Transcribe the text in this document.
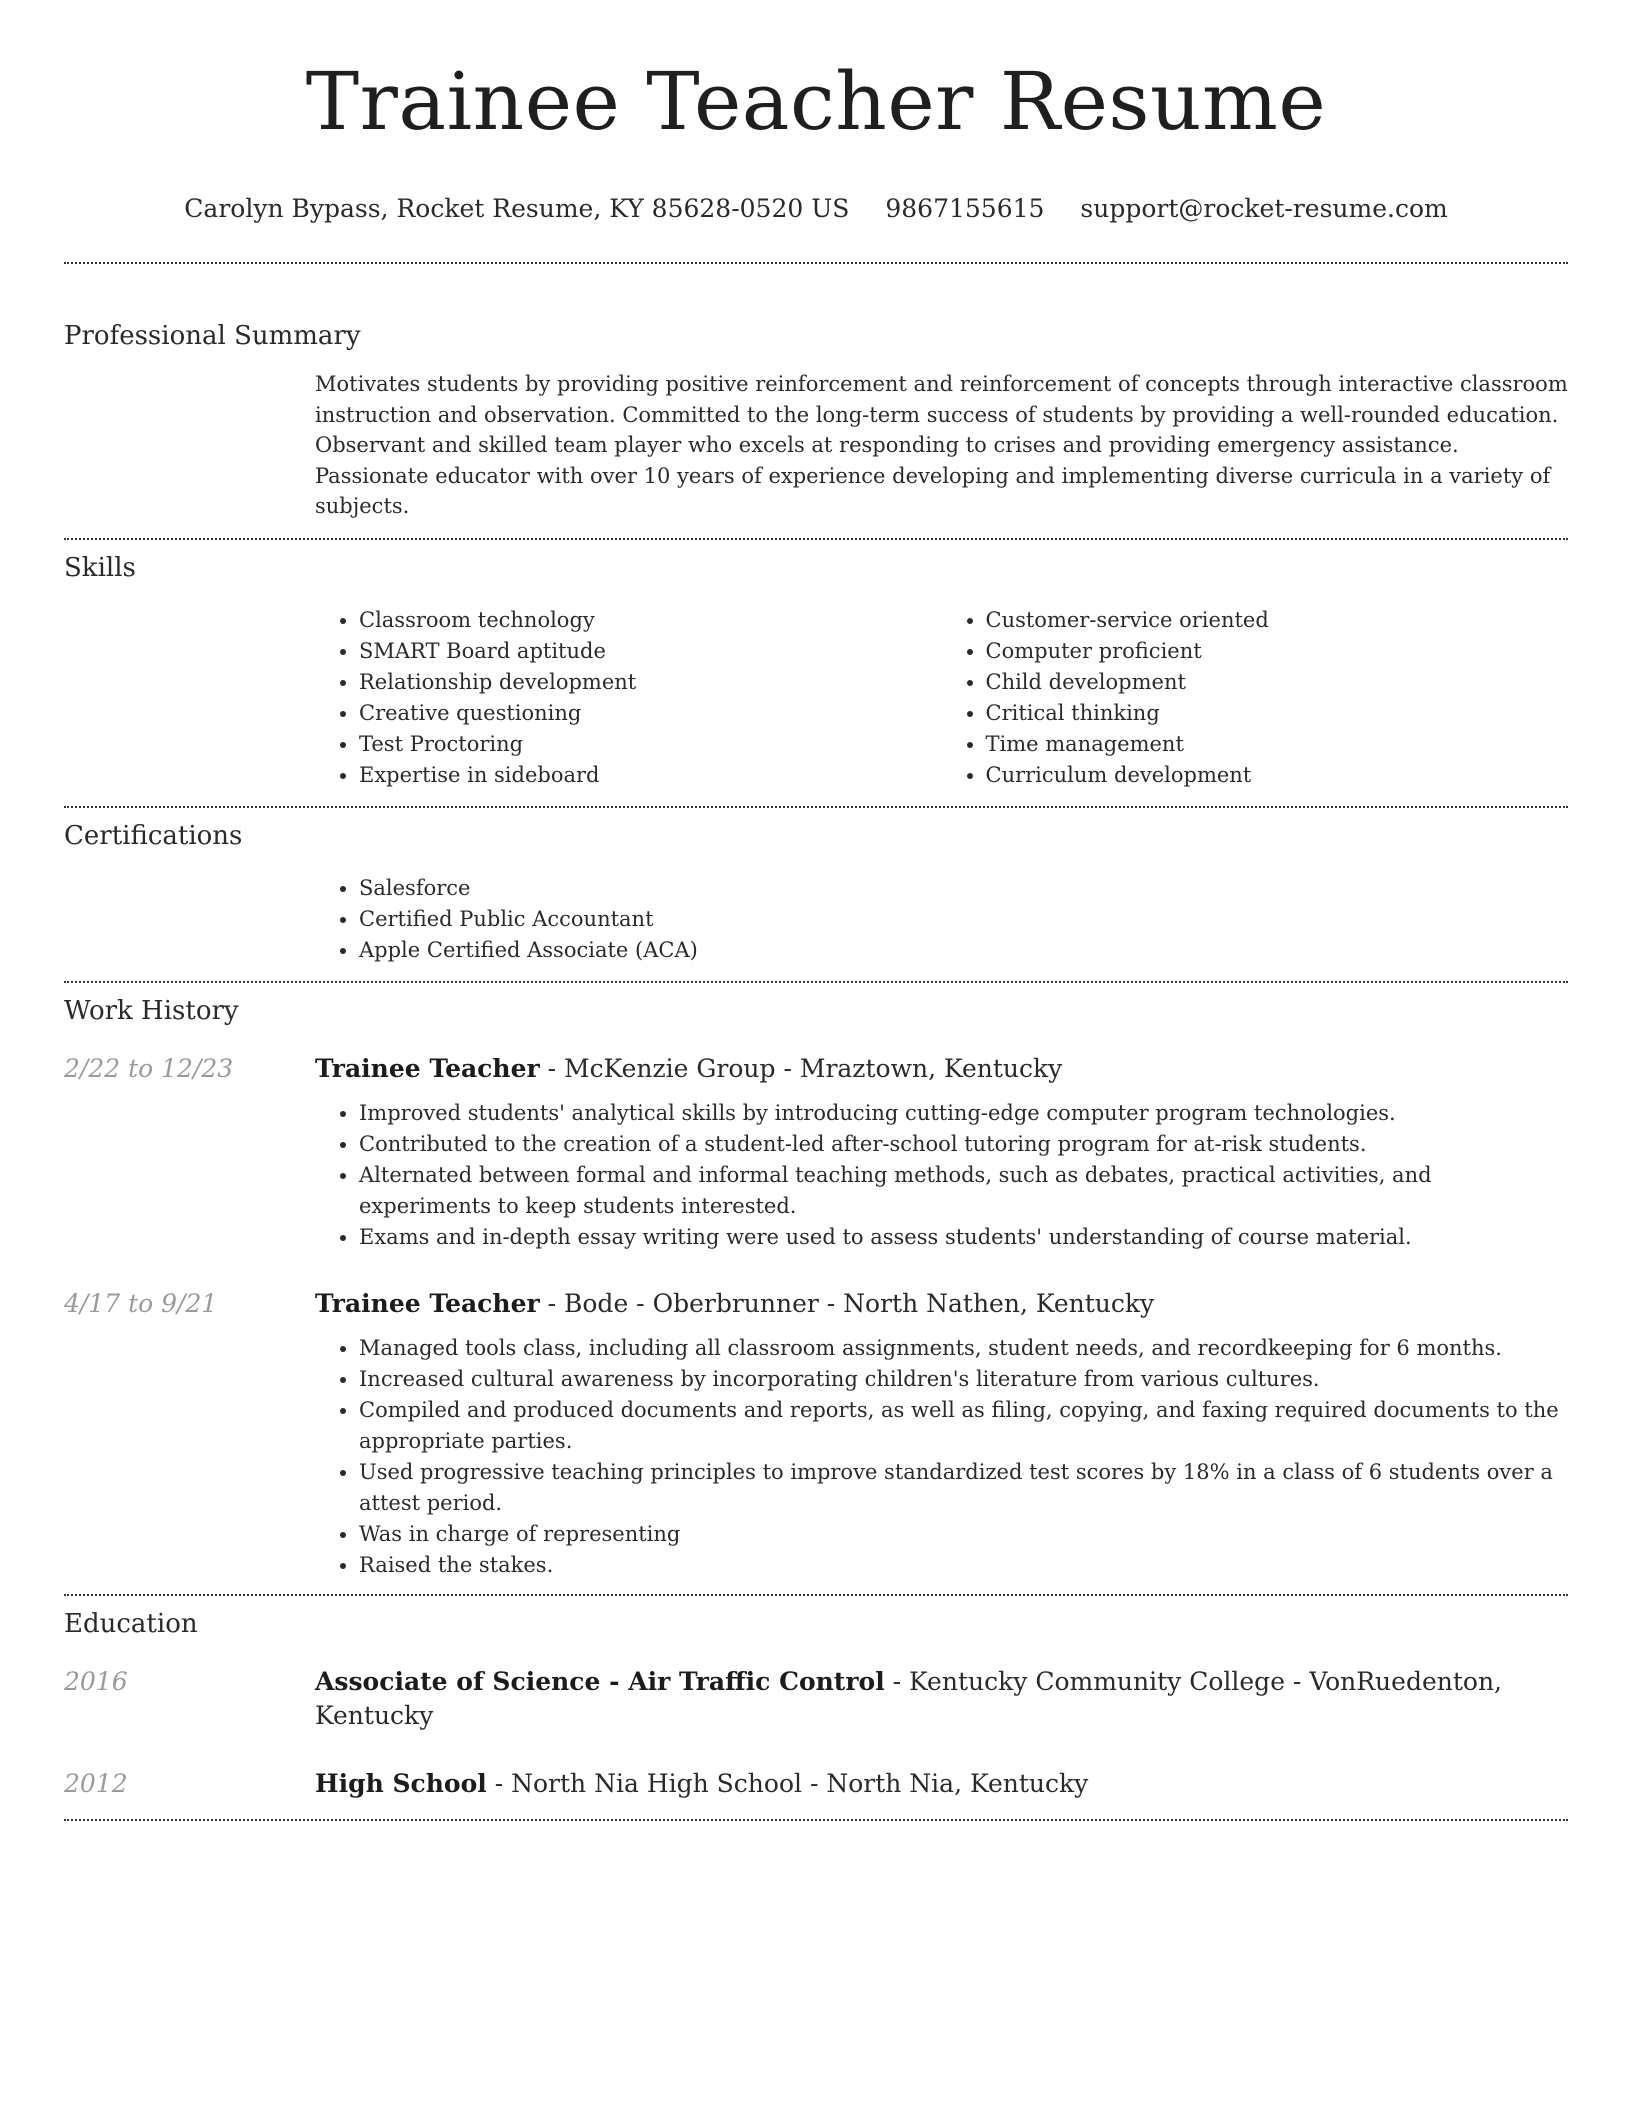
Trainee Teacher Resume
Carolyn Bypass, Rocket Resume, KY 85628-0520 US 9867155615 support@rocket-resume.com
Professional Summary
Motivates students by providing positive reinforcement and reinforcement of concepts through interactive classroom instruction and observation. Committed to the long-term success of students by providing a well-rounded education. Observant and skilled team player who excels at responding to crises and providing emergency assistance. Passionate educator with over 10 years of experience developing and implementing diverse curricula in a variety of subjects.
Skills
• Classroom technology
• SMART Board aptitude
• Relationship development
• Creative questioning
• Test Proctoring
• Expertise in sideboard
• Customer-service oriented
• Computer proficient
• Child development
• Critical thinking
• Time management
• Curriculum development
Certifications
• Salesforce
• Certified Public Accountant
• Apple Certified Associate (ACA)
Work History
2/22 to 12/23	Trainee Teacher - McKenzie Group - Mraztown, Kentucky
• Improved students' analytical skills by introducing cutting-edge computer program technologies.
• Contributed to the creation of a student-led after-school tutoring program for at-risk students.
• Alternated between formal and informal teaching methods, such as debates, practical activities, and experiments to keep students interested.
• Exams and in-depth essay writing were used to assess students' understanding of course material.
4/17 to 9/21	Trainee Teacher - Bode - Oberbrunner - North Nathen, Kentucky
• Managed tools class, including all classroom assignments, student needs, and recordkeeping for 6 months.
• Increased cultural awareness by incorporating children's literature from various cultures.
• Compiled and produced documents and reports, as well as filing, copying, and faxing required documents to the appropriate parties.
• Used progressive teaching principles to improve standardized test scores by 18% in a class of 6 students over a attest period.
• Was in charge of representing
• Raised the stakes.
Education
2016	Associate of Science - Air Traffic Control - Kentucky Community College - VonRuedenton, Kentucky
2012	High School - North Nia High School - North Nia, Kentucky
